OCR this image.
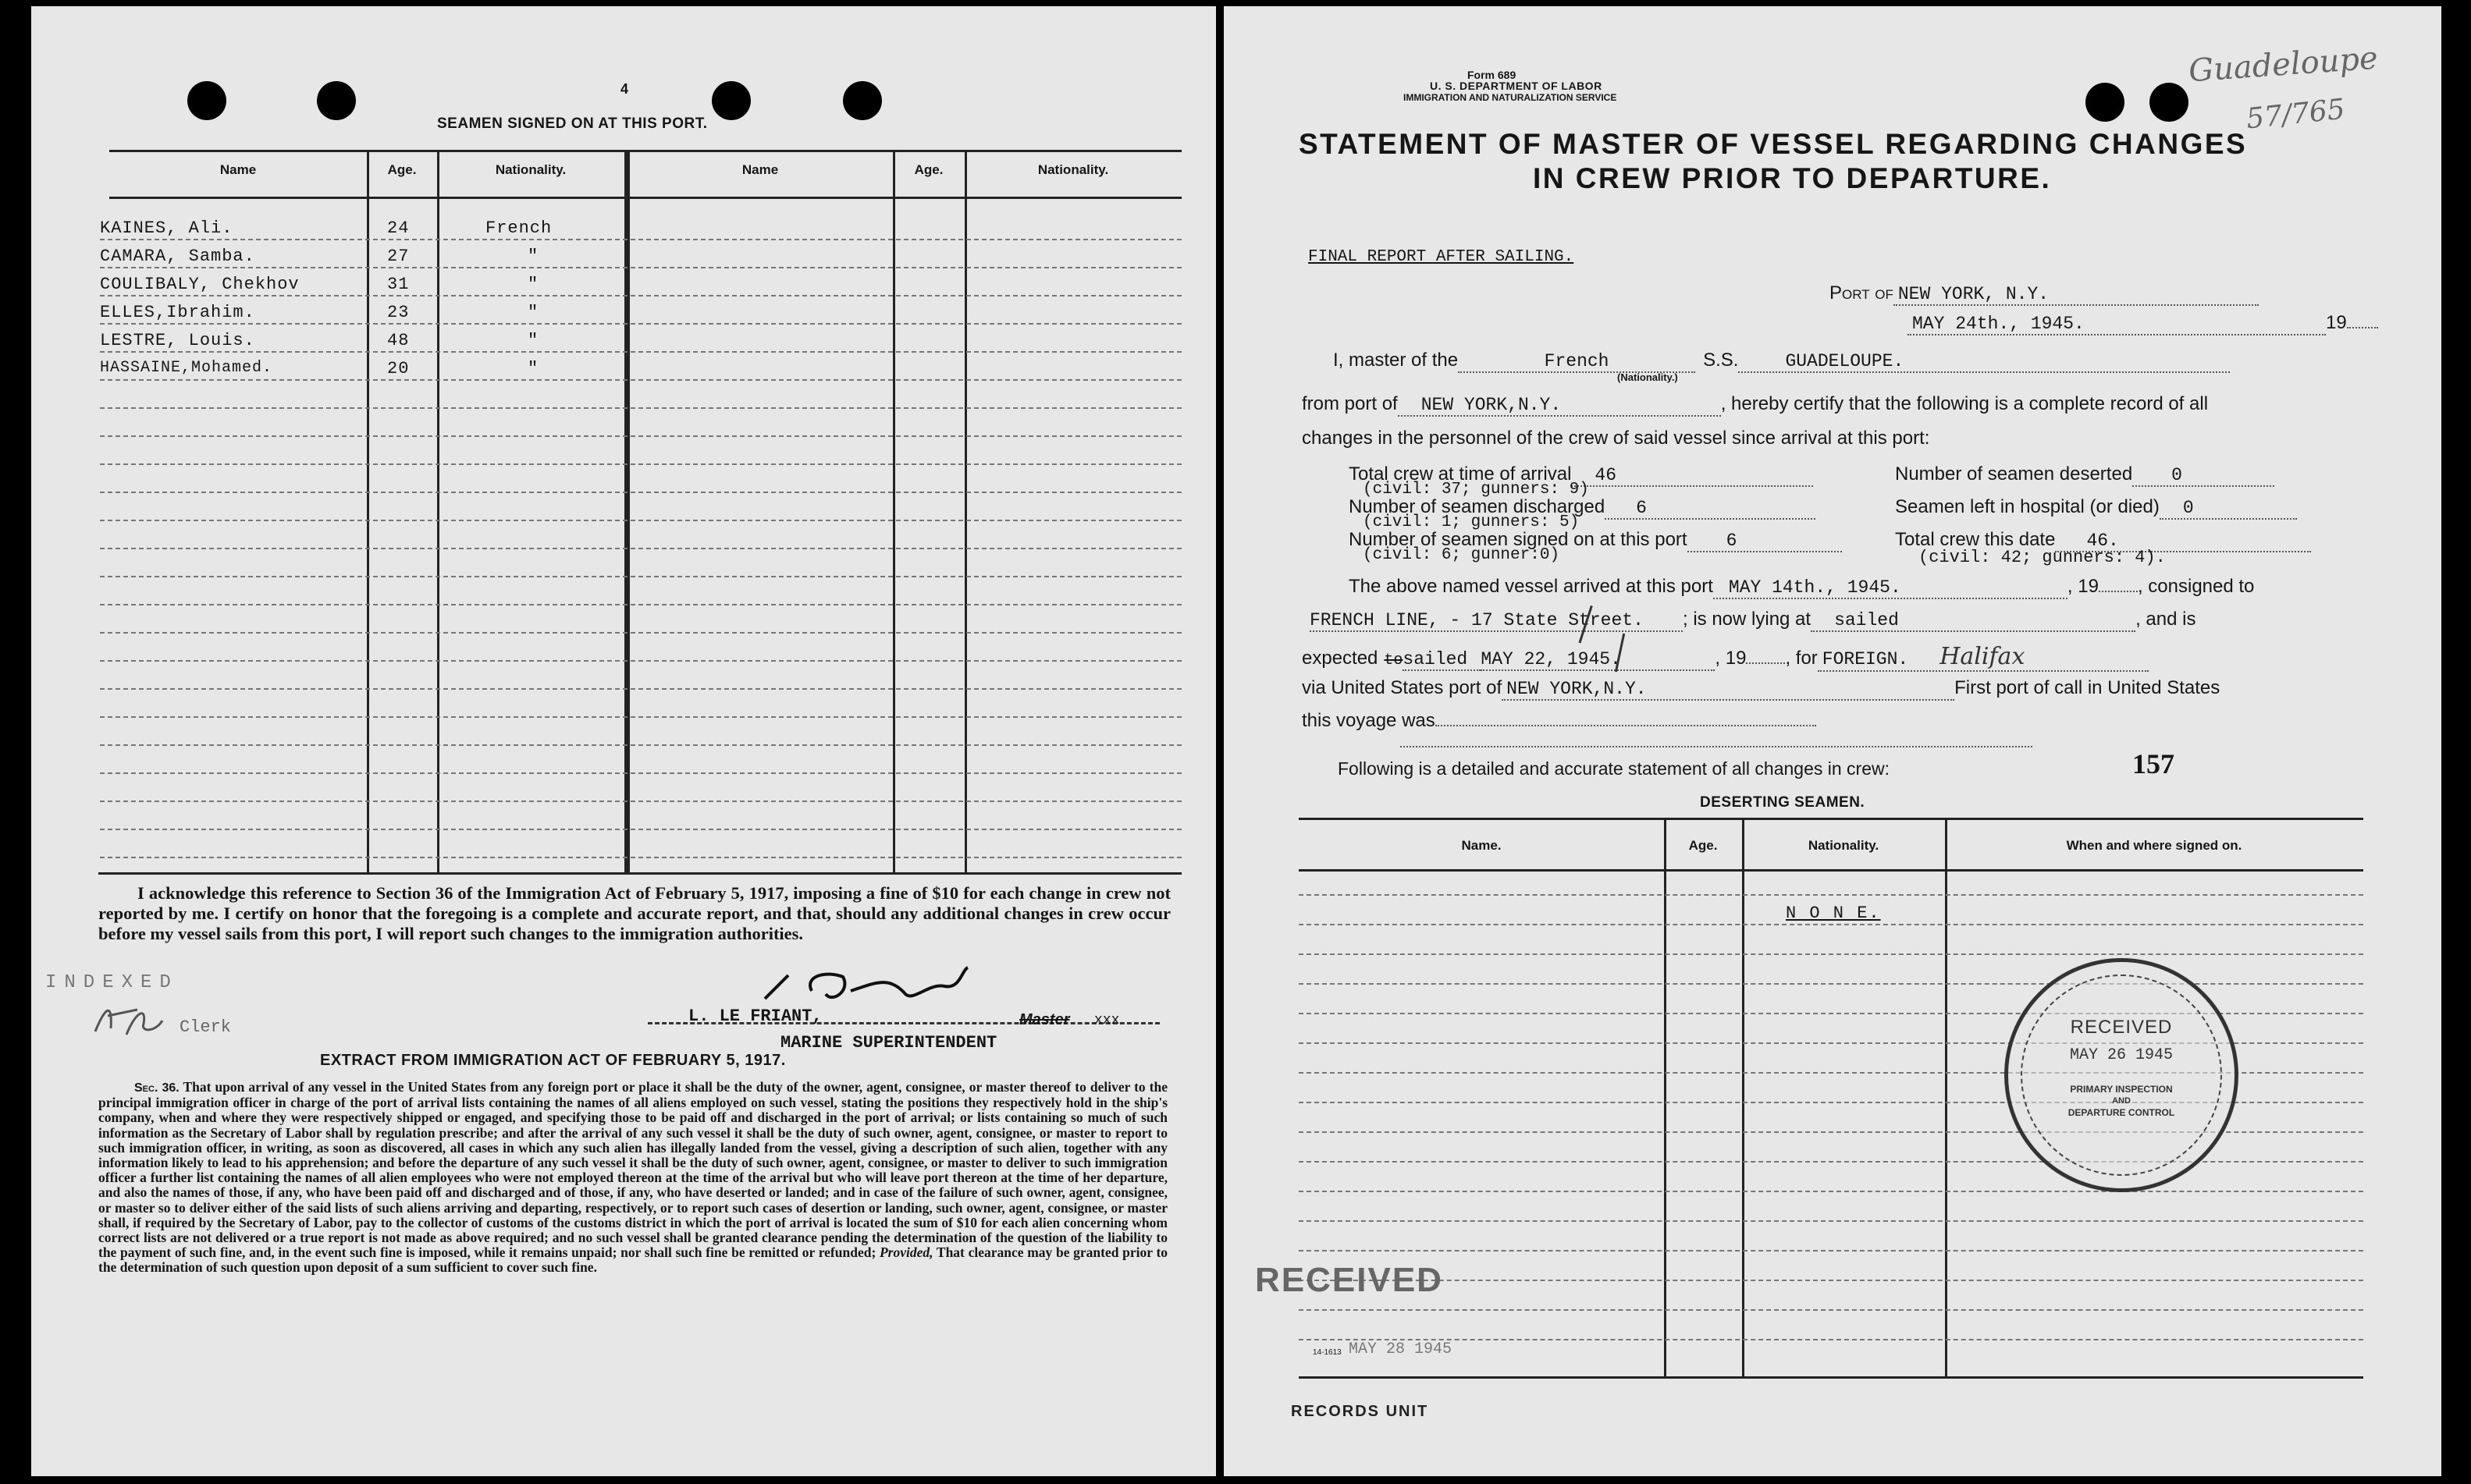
4
SEAMEN SIGNED ON AT THIS PORT.
Name	Age.	Nationality.	Name	Age.	Nationality.
KAINES, Ali.	24	French
CAMARA, Samba.	27	"
COULIBALY, Chekhov	31	"
ELLES,Ibrahim.	23	"
LESTRE, Louis.	48	"
HASSAINE,Mohamed.	20	"
I acknowledge this reference to Section 36 of the Immigration Act of February 5, 1917, imposing a fine of $10 for each change in crew not reported by me. I certify on honor that the foregoing is a complete and accurate report, and that, should any additional changes in crew occur before my vessel sails from this port, I will report such changes to the immigration authorities.
INDEXED
Clerk
L. LE FRIANT,	Master xxx
MARINE SUPERINTENDENT
EXTRACT FROM IMMIGRATION ACT OF FEBRUARY 5, 1917.
Sec. 36. That upon arrival of any vessel in the United States from any foreign port or place it shall be the duty of the owner, agent, consignee, or master thereof to deliver to the principal immigration officer in charge of the port of arrival lists containing the names of all aliens employed on such vessel, stating the positions they respectively hold in the ship's company, when and where they were respectively shipped or engaged, and specifying those to be paid off and discharged in the port of arrival; or lists containing so much of such information as the Secretary of Labor shall by regulation prescribe; and after the arrival of any such vessel it shall be the duty of such owner, agent, consignee, or master to report to such immigration officer, in writing, as soon as discovered, all cases in which any such alien has illegally landed from the vessel, giving a description of such alien, together with any information likely to lead to his apprehension; and before the departure of any such vessel it shall be the duty of such owner, agent, consignee, or master to deliver to such immigration officer a further list containing the names of all alien employees who were not employed thereon at the time of the arrival but who will leave port thereon at the time of her departure, and also the names of those, if any, who have been paid off and discharged and of those, if any, who have deserted or landed; and in case of the failure of such owner, agent, consignee, or master so to deliver either of the said lists of such aliens arriving and departing, respectively, or to report such cases of desertion or landing, such owner, agent, consignee, or master shall, if required by the Secretary of Labor, pay to the collector of customs of the customs district in which the port of arrival is located the sum of $10 for each alien concerning whom correct lists are not delivered or a true report is not made as above required; and no such vessel shall be granted clearance pending the determination of the question of the liability to the payment of such fine, and, in the event such fine is imposed, while it remains unpaid; nor shall such fine be remitted or refunded; Provided, That clearance may be granted prior to the determination of such question upon deposit of a sum sufficient to cover such fine.
Form 689
U. S. DEPARTMENT OF LABOR
IMMIGRATION AND NATURALIZATION SERVICE
Guadeloupe
57/765
STATEMENT OF MASTER OF VESSEL REGARDING CHANGES
IN CREW PRIOR TO DEPARTURE.
FINAL REPORT AFTER SAILING.
Port of NEW YORK, N.Y.
MAY 24th., 1945.	19
I, master of the	French	S.S.	GUADELOUPE.
(Nationality.)
from port of	NEW YORK,N.Y.	, hereby certify that the following is a complete record of all
changes in the personnel of the crew of said vessel since arrival at this port:
Total crew at time of arrival	46
(civil: 37; gunners: 9)
Number of seamen discharged	6
(civil: 1; gunners: 5)
Number of seamen signed on at this port	6
(civil: 6; gunner:0)
Number of seamen deserted	0
Seamen left in hospital (or died)	0
Total crew this date	46.
(civil: 42; gunners: 4).
The above named vessel arrived at this port MAY 14th., 1945.	, 19 , consigned to
FRENCH LINE, - 17 State Street.	; is now lying at	sailed	, and is
expected to sailed MAY 22, 1945.	, 19 , for FOREIGN. Halifax
via United States port of NEW YORK,N.Y.	First port of call in United States
this voyage was
Following is a detailed and accurate statement of all changes in crew:	157
DESERTING SEAMEN.
Name.	Age.	Nationality.	When and where signed on.
N O N E.
RECEIVED
MAY 26 1945
PRIMARY INSPECTION
AND
DEPARTURE CONTROL
RECEIVED
MAY 28 1945
14-1613
RECORDS UNIT
